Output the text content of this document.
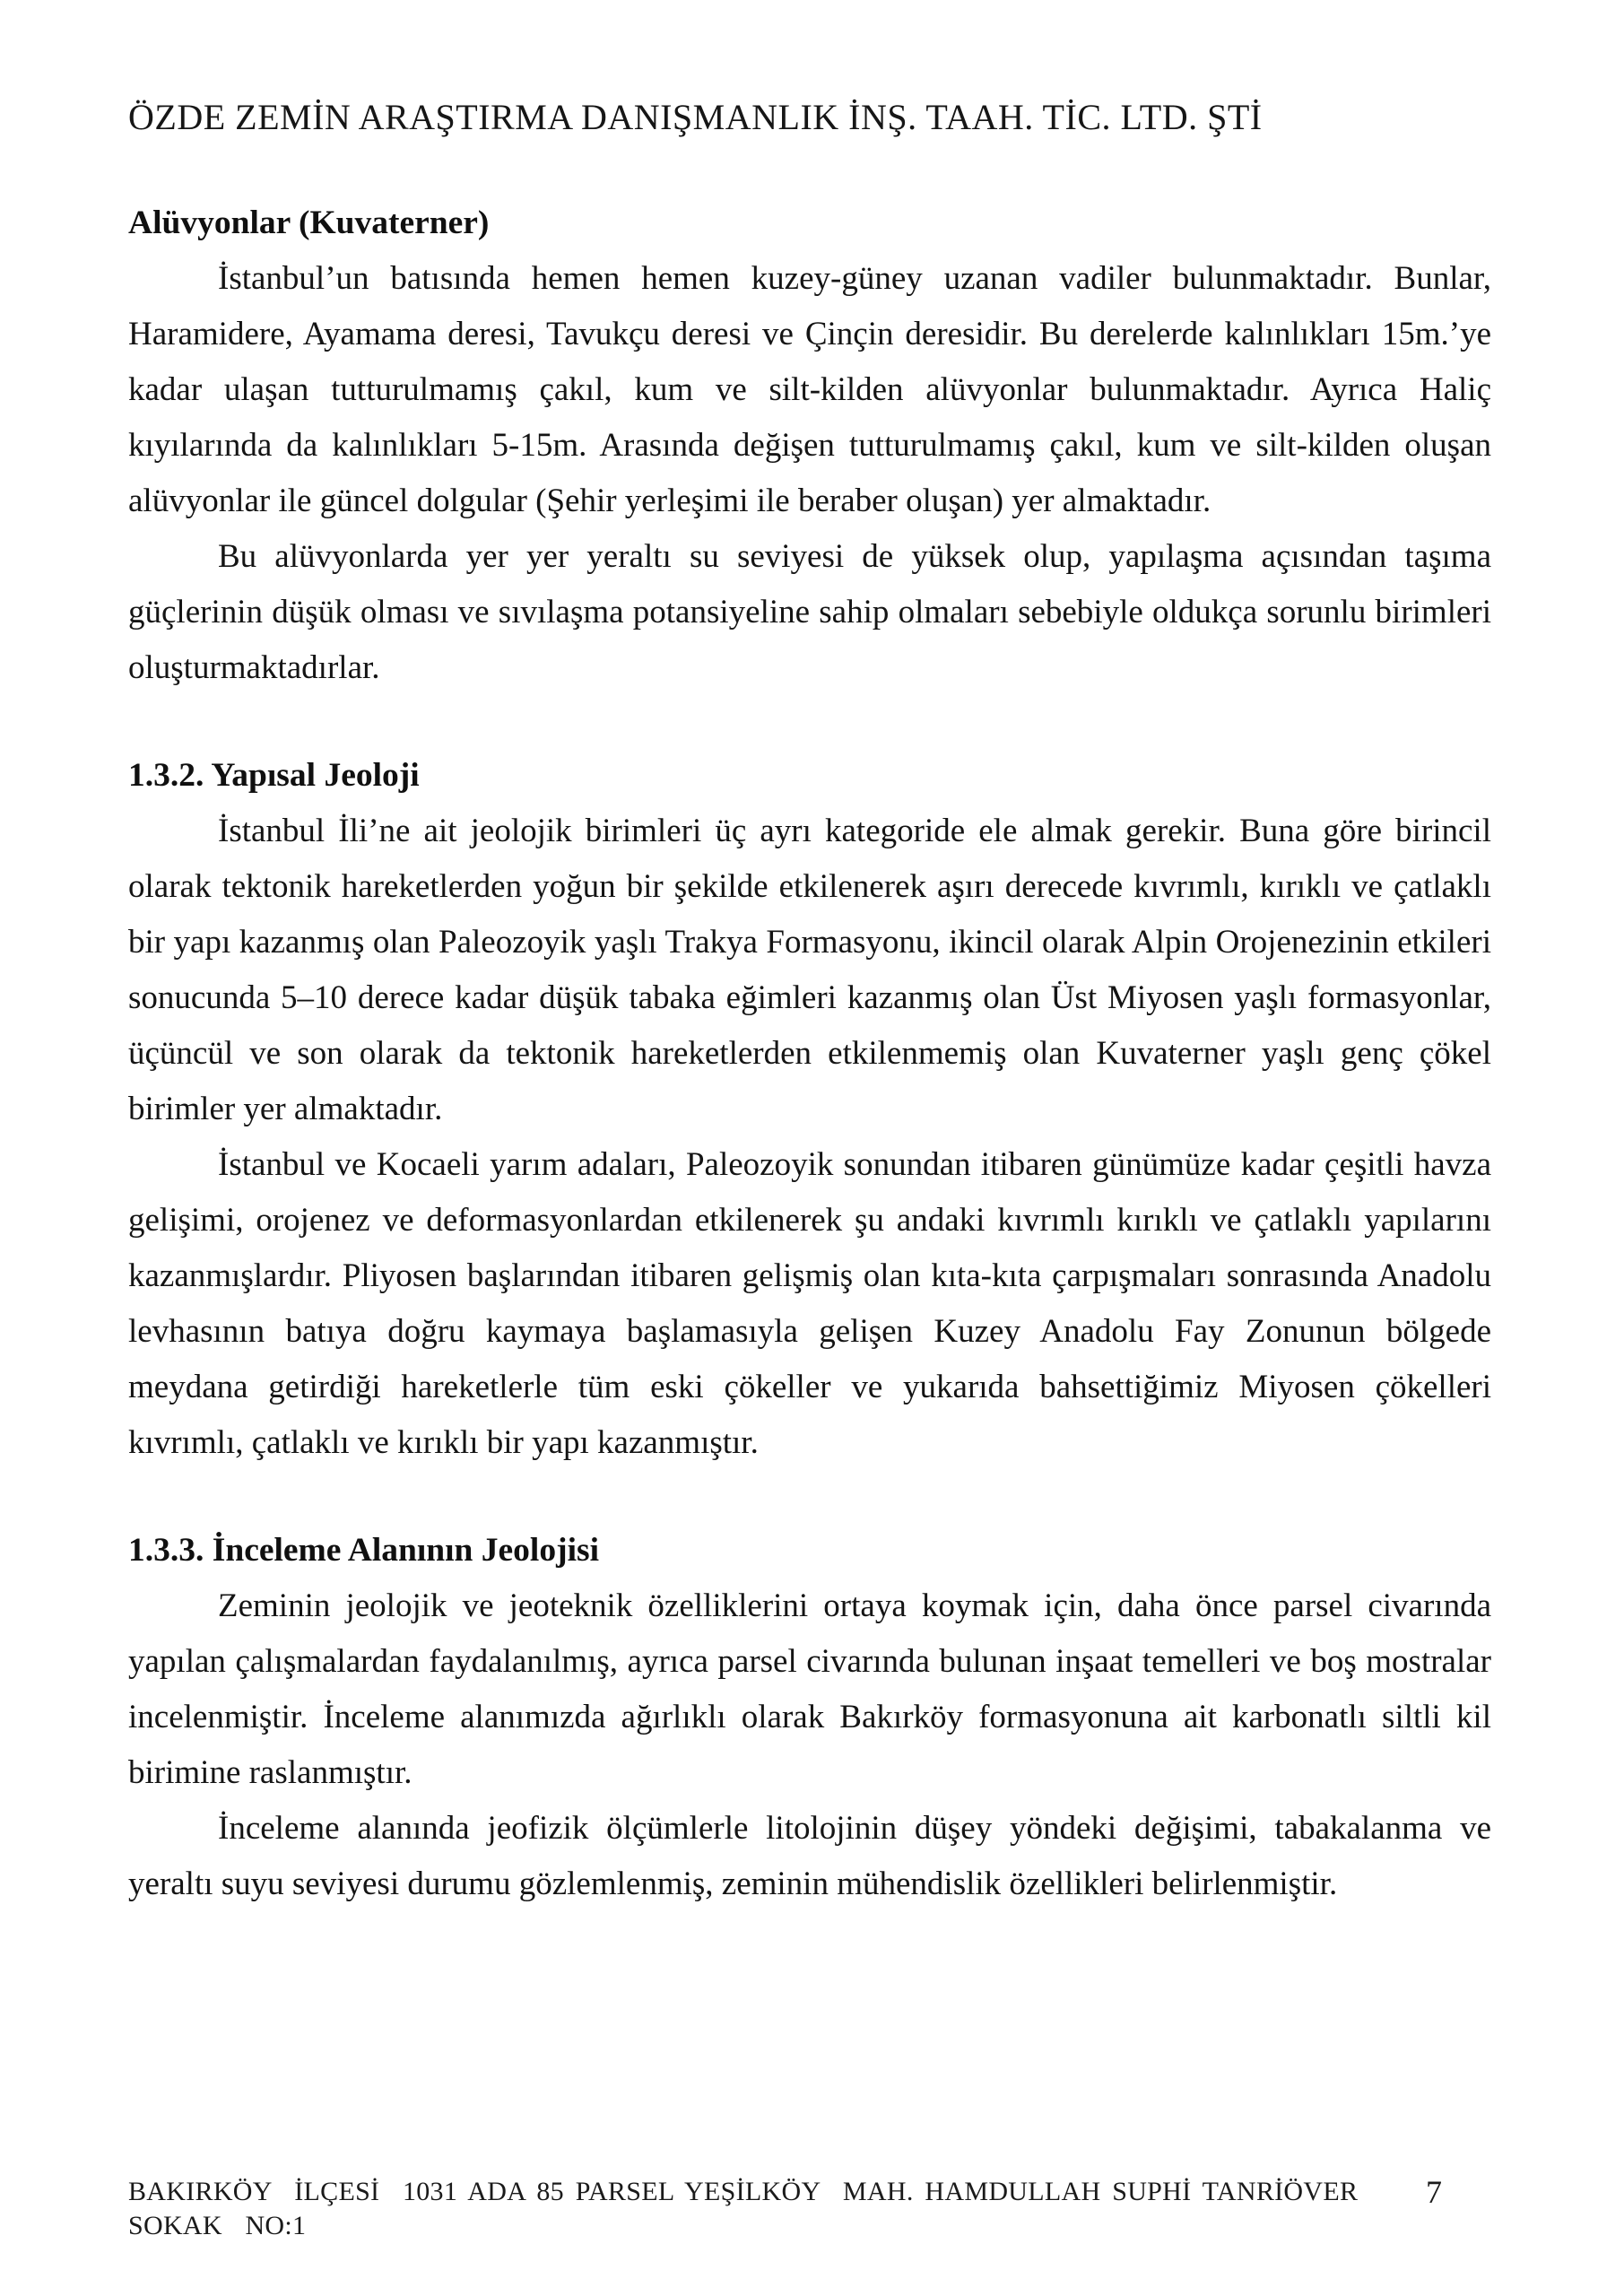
ÖZDE ZEMİN ARAŞTIRMA DANIŞMANLIK İNŞ. TAAH. TİC. LTD. ŞTİ
Alüvyonlar (Kuvaterner)

İstanbul’un batısında hemen hemen kuzey-güney uzanan vadiler bulunmaktadır. Bunlar, Haramidere, Ayamama deresi, Tavukçu deresi ve Çinçin deresidir. Bu derelerde kalınlıkları 15m.’ye kadar ulaşan tutturulmamış çakıl, kum ve silt-kilden alüvyonlar bulunmaktadır. Ayrıca Haliç kıyılarında da kalınlıkları 5-15m. Arasında değişen tutturulmamış çakıl, kum ve silt-kilden oluşan alüvyonlar ile güncel dolgular (Şehir yerleşimi ile beraber oluşan) yer almaktadır.

Bu alüvyonlarda yer yer yeraltı su seviyesi de yüksek olup, yapılaşma açısından taşıma güçlerinin düşük olması ve sıvılaşma potansiyeline sahip olmaları sebebiyle oldukça sorunlu birimleri oluşturmaktadırlar.

1.3.2. Yapısal Jeoloji

İstanbul İli’ne ait jeolojik birimleri üç ayrı kategoride ele almak gerekir. Buna göre birincil olarak tektonik hareketlerden yoğun bir şekilde etkilenerek aşırı derecede kıvrımlı, kırıklı ve çatlaklı bir yapı kazanmış olan Paleozoyik yaşlı Trakya Formasyonu, ikincil olarak Alpin Orojenezinin etkileri sonucunda 5–10 derece kadar düşük tabaka eğimleri kazanmış olan Üst Miyosen yaşlı formasyonlar, üçüncül ve son olarak da tektonik hareketlerden etkilenmemiş olan Kuvaterner yaşlı genç çökel birimler yer almaktadır.

İstanbul ve Kocaeli yarım adaları, Paleozoyik sonundan itibaren günümüze kadar çeşitli havza gelişimi, orojenez ve deformasyonlardan etkilenerek şu andaki kıvrımlı kırıklı ve çatlaklı yapılarını kazanmışlardır. Pliyosen başlarından itibaren gelişmiş olan kıta-kıta çarpışmaları sonrasında Anadolu levhasının batıya doğru kaymaya başlamasıyla gelişen Kuzey Anadolu Fay Zonunun bölgede meydana getirdiği hareketlerle tüm eski çökeller ve yukarıda bahsettiğimiz Miyosen çökelleri kıvrımlı, çatlaklı ve kırıklı bir yapı kazanmıştır.

1.3.3. İnceleme Alanının Jeolojisi

Zeminin jeolojik ve jeoteknik özelliklerini ortaya koymak için, daha önce parsel civarında yapılan çalışmalardan faydalanılmış, ayrıca parsel civarında bulunan inşaat temelleri ve boş mostralar incelenmiştir. İnceleme alanımızda ağırlıklı olarak Bakırköy formasyonuna ait karbonatlı siltli kil birimine raslanmıştır.

İnceleme alanında jeofizik ölçümlerle litolojinin düşey yöndeki değişimi, tabakalanma ve yeraltı suyu seviyesi durumu gözlemlenmiş, zeminin mühendislik özellikleri belirlenmiştir.

BAKIRKÖY  İLÇESİ  1031 ADA 85 PARSEL YEŞİLKÖY  MAH. HAMDULLAH SUPHİ TANRİÖVER SOKAK  NO:1
7
